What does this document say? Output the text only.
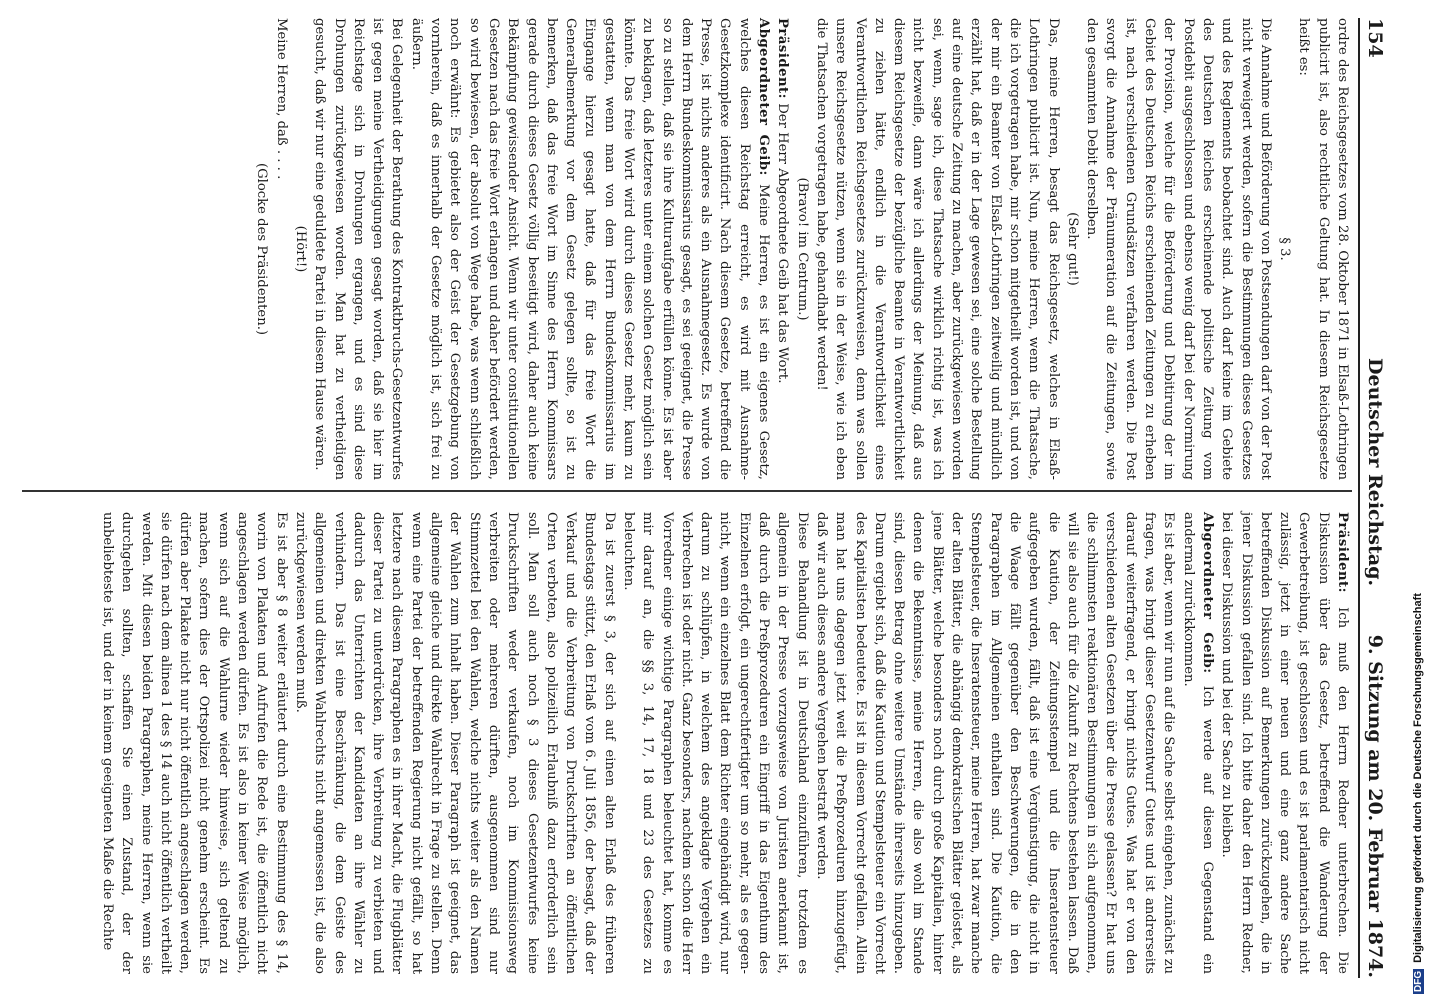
154
Deutscher Reichstag.
9. Sitzung am 20. Februar 1874.

ordre des Reichsgesetzes vom 28. Oktober 1871 in Elsaß-Lothringen publicirt ist, also rechtliche Geltung hat. In diesem Reichsgesetze heißt es:

§ 3.

Die Annahme und Beförderung von Postsendungen darf von der Post nicht verweigert werden, sofern die Bestimmungen dieses Gesetzes und des Reglements beobachtet sind. Auch darf keine im Gebiete des Deutschen Reiches erscheinende politische Zeitung vom Postdebit ausgeschlossen und ebenso wenig darf bei der Normirung der Provision, welche für die Beförderung und Debitirung der im Gebiet des Deutschen Reichs erscheinenden Zeitungen zu erheben ist, nach verschiedenen Grundsätzen verfahren werden. Die Post svorgt die Annahme der Pränumeration auf die Zeitungen, sowie den gesammten Debit derselben.

(Sehr gut!)

Das, meine Herren, besagt das Reichsgesetz, welches in Elsaß-Lothringen publicirt ist. Nun, meine Herren, wenn die Thatsache, die ich vorgetragen habe, mir schon mitgetheilt worden ist, und von der mir ein Beamter von Elsaß-Lothringen zeitweilig und mündlich erzählt hat, daß er in der Lage gewesen sei, eine solche Bestellung auf eine deutsche Zeitung zu machen, aber zurückgewiesen worden sei, wenn, sage ich, diese Thatsache wirklich richtig ist, was ich nicht bezweifle, dann wäre ich allerdings der Meinung, daß aus diesem Reichsgesetze der bezügliche Beamte in Verantwortlichkeit zu ziehen hätte, endlich in die Verantwortlichkeit eines Verantwortlichen Reichsgesetzes zurückzuweisen, denn was sollen unsere Reichsgesetze nützen, wenn sie in der Weise, wie ich eben die Thatsachen vorgetragen habe, gehandhabt werden!

(Bravo! im Centrum.)

Präsident: Der Herr Abgeordnete Geib hat das Wort.

Abgeordneter Geib: Meine Herren, es ist ein eigenes Gesetz, welches diesen Reichstag erreicht, es wird mit Ausnahme-Gesetzkomplexe identificirt. Nach diesem Gesetze, betreffend die Presse, ist nichts anderes als ein Ausnahmegesetz. Es wurde von dem Herrn Bundeskommissarius gesagt, es sei geeignet, die Presse so zu stellen, daß sie ihre Kulturaufgabe erfüllen könne. Es ist aber zu beklagen, daß letzteres unter einem solchen Gesetz möglich sein könnte. Das freie Wort wird durch dieses Gesetz mehr, kaum zu gestatten, wenn man von dem Herrn Bundeskommissarius im Eingange hierzu gesagt hatte, daß für das freie Wort die Generalbemerkung vor dem Gesetz gelegen sollte, so ist zu bemerken, daß das freie Wort im Sinne des Herrn Kommissars gerade durch dieses Gesetz völlig beseitigt wird, daher auch keine Bekämpfung gewissender Ansicht. Wenn wir unter constitutionellen Gesetzen nach das freie Wort erlangen und daher befördert werden, so wird bewiesen, der absolut von Wege habe, was wenn schließlich noch erwähnt: Es gebietet also der Geist der Gesetzgebung von vornherein, daß es innerhalb der Gesetze möglich ist, sich frei zu äußern.

Bei Gelegenheit der Berathung des Kontraktbruchs-Gesetzentwurfes ist gegen meine Vertheidigungen gesagt worden, daß sie hier im Reichstage sich in Drohungen ergangen, und es sind diese Drohungen zurückgewiesen worden. Man hat zu vertheidigen gesucht, daß wir nur eine geduldete Partei in diesem Hause wären.

(Hört!)

Meine Herren, daß . . . .

(Glocke des Präsidenten.)

Präsident: Ich muß den Herrn Redner unterbrechen. Die Diskussion über das Gesetz, betreffend die Wanderung der Gewerbetreibung, ist geschlossen und es ist parlamentarisch nicht zulässig, jetzt in einer neuen und eine ganz andere Sache betreffenden Diskussion auf Bemerkungen zurückzugehen, die in jener Diskussion gefallen sind. Ich bitte daher den Herrn Redner, bei dieser Diskussion und bei der Sache zu bleiben.

Abgeordneter Geib: Ich werde auf diesen Gegenstand ein andermal zurückkommen.

Es ist aber, wenn wir nun auf die Sache selbst eingehen, zunächst zu fragen, was bringt dieser Gesetzentwurf Gutes und ist andrerseits darauf weiterfragend, er bringt nichts Gutes. Was hat er von den verschiedenen alten Gesetzen über die Presse gelassen? Er hat uns die schlimmsten reaktionären Bestimmungen in sich aufgenommen, will sie also auch für die Zukunft zu Rechtens bestehen lassen. Daß die Kaution, der Zeitungsstempel und die Inseratensteuer aufgegeben wurden, fällt, daß ist eine Vergünstigung, die nicht in die Waage fällt gegenüber den Beschwerungen, die in den Paragraphen im Allgemeinen enthalten sind. Die Kaution, die Stempelsteuer, die Inseratensteuer, meine Herren, hat zwar manche der alten Blätter, die abhängig demokratischen Blätter gelöstet, als jene Blätter, welche besonders noch durch große Kapitalien, hinter denen die Bekenntnisse, meine Herren, die also wohl im Stande sind, diesen Betrag ohne weitere Umstände ihrerseits hinzugeben. Darum ergiebt sich, daß die Kaution und Stempelsteuer ein Vorrecht des Kapitalisten bedeutete. Es ist in diesem Vorrecht gefallen. Allein man hat uns dagegen jetzt weit die Preßprozeduren hinzugefügt, daß wir auch dieses andere Vergehen bestraft werden.

Diese Behandlung ist in Deutschland einzuführen, trotzdem es allgemein in der Presse vorzugsweise von Juristen anerkannt ist, daß durch die Preßprozeduren ein Eingriff in das Eigenthum des Einzelnen erfolgt, ein ungerechtfertigter um so mehr, als es gegen- nicht, wenn ein einzelnes Blatt dem Richter eingehändigt wird, nur darum zu schlüpfen, in welchem des angeklagte Vergehen ein Verbrechen ist oder nicht. Ganz besonders, nachdem schon die Herr Vorredner einige wichtige Paragraphen beleuchtet hat, komme es mir darauf an, die §§ 3, 14, 17, 18 und 23 des Gesetzes zu beleuchten.

Da ist zuerst § 3, der sich auf einen alten Erlaß des früheren Bundestags stützt, den Erlaß vom 6. Juli 1856, der besagt, daß der Verkauf und die Verbreitung von Druckschriften an öffentlichen Orten verboten, also polizeilich Erlaubniß dazu erforderlich sein soll. Man soll auch noch § 3 dieses Gesetzentwurfes keine Druckschriften weder verkaufen, noch im Kommissionsweg verbreiten oder mehreren dürften, ausgenommen sind nur Stimmzettel bei den Wahlen, welche nichts weiter als den Namen der Wahlen zum Inhalt haben. Dieser Paragraph ist geeignet, das allgemeine gleiche und direkte Wahlrecht in Frage zu stellen. Denn wenn eine Partei der betreffenden Regierung nicht gefällt, so hat letztere nach diesem Paragraphen es in ihrer Macht, die Flugblätter dieser Partei zu unterdrücken, ihre Verbreitung zu verbieten und dadurch das Unterrichten der Kandidaten an ihre Wähler zu verhindern. Das ist eine Beschränkung, die dem Geiste des allgemeinen und direkten Wahlrechts nicht angemessen ist, die also zurückgewiesen werden muß.

Es ist aber § 8 weiter erläutert durch eine Bestimmung des § 14, worin von Plakaten und Aufrufen die Rede ist, die öffentlich nicht angeschlagen werden dürfen. Es ist also in keiner Weise möglich, wenn sich auf die Wahlurne wieder hinweise, sich geltend zu machen, sofern dies der Ortspolizei nicht genehm erscheint. Es dürfen aber Plakate nicht nur nicht öffentlich angeschlagen werden, sie dürfen nach dem alinea 1 des § 14 auch nicht öffentlich vertheilt werden. Mit diesen beiden Paragraphen, meine Herren, wenn sie durchgehen sollten, schaffen Sie einen Zustand, der der unbeliebteste ist, und der in keinem geeigneten Maße die Rechte

DFGDigitalisierung gefördert durch die Deutsche Forschungsgemeinschaft
